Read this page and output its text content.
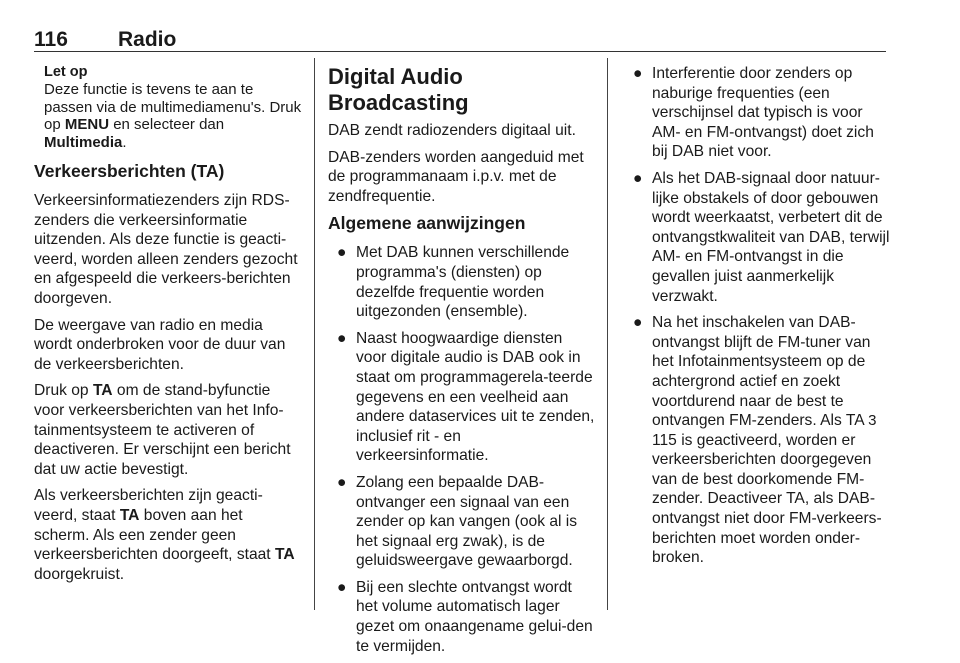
116 Radio
Let op
Deze functie is tevens te aan te passen via de multimediamenu's. Druk op MENU en selecteer dan Multimedia.
Verkeersberichten (TA)

Verkeersinformatiezenders zijn RDS-zenders die verkeersinformatie uitzenden. Als deze functie is geacti-veerd, worden alleen zenders gezocht en afgespeeld die verkeers-berichten doorgeven.

De weergave van radio en media wordt onderbroken voor de duur van de verkeersberichten.

Druk op TA om de stand-byfunctie voor verkeersberichten van het Info-tainmentsysteem te activeren of deactiveren. Er verschijnt een bericht dat uw actie bevestigt.

Als verkeersberichten zijn geacti-veerd, staat TA boven aan het scherm. Als een zender geen verkeersberichten doorgeeft, staat TA doorgekruist.

Digital Audio Broadcasting

DAB zendt radiozenders digitaal uit.

DAB-zenders worden aangeduid met de programmanaam i.p.v. met de zendfrequentie.

Algemene aanwijzingen
● Met DAB kunnen verschillende programma's (diensten) op dezelfde frequentie worden uitgezonden (ensemble).
● Naast hoogwaardige diensten voor digitale audio is DAB ook in staat om programmagerela-teerde gegevens en een veelheid aan andere dataservices uit te zenden, inclusief rit - en verkeersinformatie.
● Zolang een bepaalde DAB-ontvanger een signaal van een zender op kan vangen (ook al is het signaal erg zwak), is de geluidsweergave gewaarborgd.
● Bij een slechte ontvangst wordt het volume automatisch lager gezet om onaangename gelui-den te vermijden.
● Interferentie door zenders op naburige frequenties (een verschijnsel dat typisch is voor AM- en FM-ontvangst) doet zich bij DAB niet voor.
● Als het DAB-signaal door natuur-lijke obstakels of door gebouwen wordt weerkaatst, verbetert dit de ontvangstkwaliteit van DAB, terwijl AM- en FM-ontvangst in die gevallen juist aanmerkelijk verzwakt.
● Na het inschakelen van DAB-ontvangst blijft de FM-tuner van het Infotainmentsysteem op de achtergrond actief en zoekt voortdurend naar de best te ontvangen FM-zenders. Als TA 3 115 is geactiveerd, worden er verkeersberichten doorgegeven van de best doorkomende FM-zender. Deactiveer TA, als DAB-ontvangst niet door FM-verkeers-berichten moet worden onder-broken.
